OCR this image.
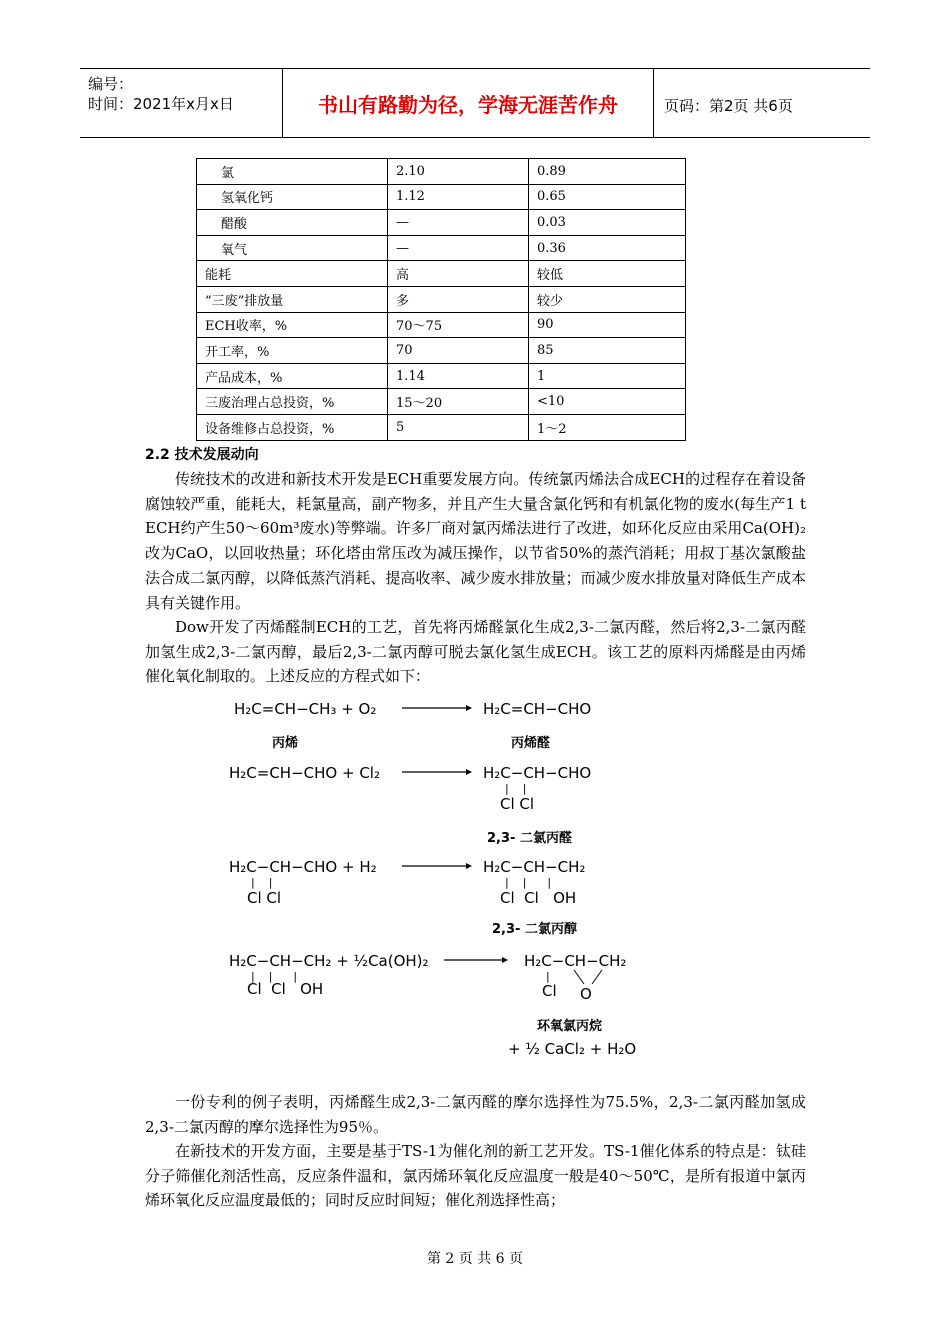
编号：
时间：2021年x月x日	书山有路勤为径，学海无涯苦作舟	页码：第2页 共6页
氯	2.10	0.89
氢氧化钙	1.12	0.65
醋酸	—	0.03
氧气	—	0.36
能耗	高	较低
“三废”排放量	多	较少
ECH收率，%	70～75	90
开工率，%	70	85
产品成本，%	1.14	1
三废治理占总投资，%	15～20	<10
设备维修占总投资，%	5	1～2
2.2 技术发展动向

传统技术的改进和新技术开发是ECH重要发展方向。传统氯丙烯法合成ECH的过程存在着设备腐蚀较严重，能耗大，耗氯量高，副产物多，并且产生大量含氯化钙和有机氯化物的废水(每生产1 t ECH约产生50～60m³废水)等弊端。许多厂商对氯丙烯法进行了改进，如环化反应由采用Ca(OH)₂改为CaO，以回收热量；环化塔由常压改为减压操作，以节省50%的蒸汽消耗；用叔丁基次氯酸盐法合成二氯丙醇，以降低蒸汽消耗、提高收率、减少废水排放量；而减少废水排放量对降低生产成本具有关键作用。

Dow开发了丙烯醛制ECH的工艺，首先将丙烯醛氯化生成2,3-二氯丙醛，然后将2,3-二氯丙醛加氢生成2,3-二氯丙醇，最后2,3-二氯丙醇可脱去氯化氢生成ECH。该工艺的原料丙烯醛是由丙烯催化氧化制取的。上述反应的方程式如下：

H₂C=CH−CH₃ + O₂	H₂C=CH−CHO
丙烯	丙烯醛
H₂C=CH−CHO + Cl₂	H₂C−CH−CHO
|    |
Cl Cl
2,3- 二氯丙醛
H₂C−CH−CHO + H₂
|    |
Cl Cl
H₂C−CH−CH₂
|    |      |
Cl  Cl   OH
2,3- 二氯丙醇
H₂C−CH−CH₂ + ½Ca(OH)₂
|    |      |
Cl  Cl   OH
H₂C−CH−CH₂
|
Cl O
环氧氯丙烷
+ ½ CaCl₂ + H₂O

一份专利的例子表明，丙烯醛生成2,3-二氯丙醛的摩尔选择性为75.5%，2,3-二氯丙醛加氢成2,3-二氯丙醇的摩尔选择性为95％。

在新技术的开发方面，主要是基于TS-1为催化剂的新工艺开发。TS-1催化体系的特点是：钛硅分子筛催化剂活性高，反应条件温和，氯丙烯环氧化反应温度一般是40～50℃，是所有报道中氯丙烯环氧化反应温度最低的；同时反应时间短；催化剂选择性高；

第 2 页 共 6 页
